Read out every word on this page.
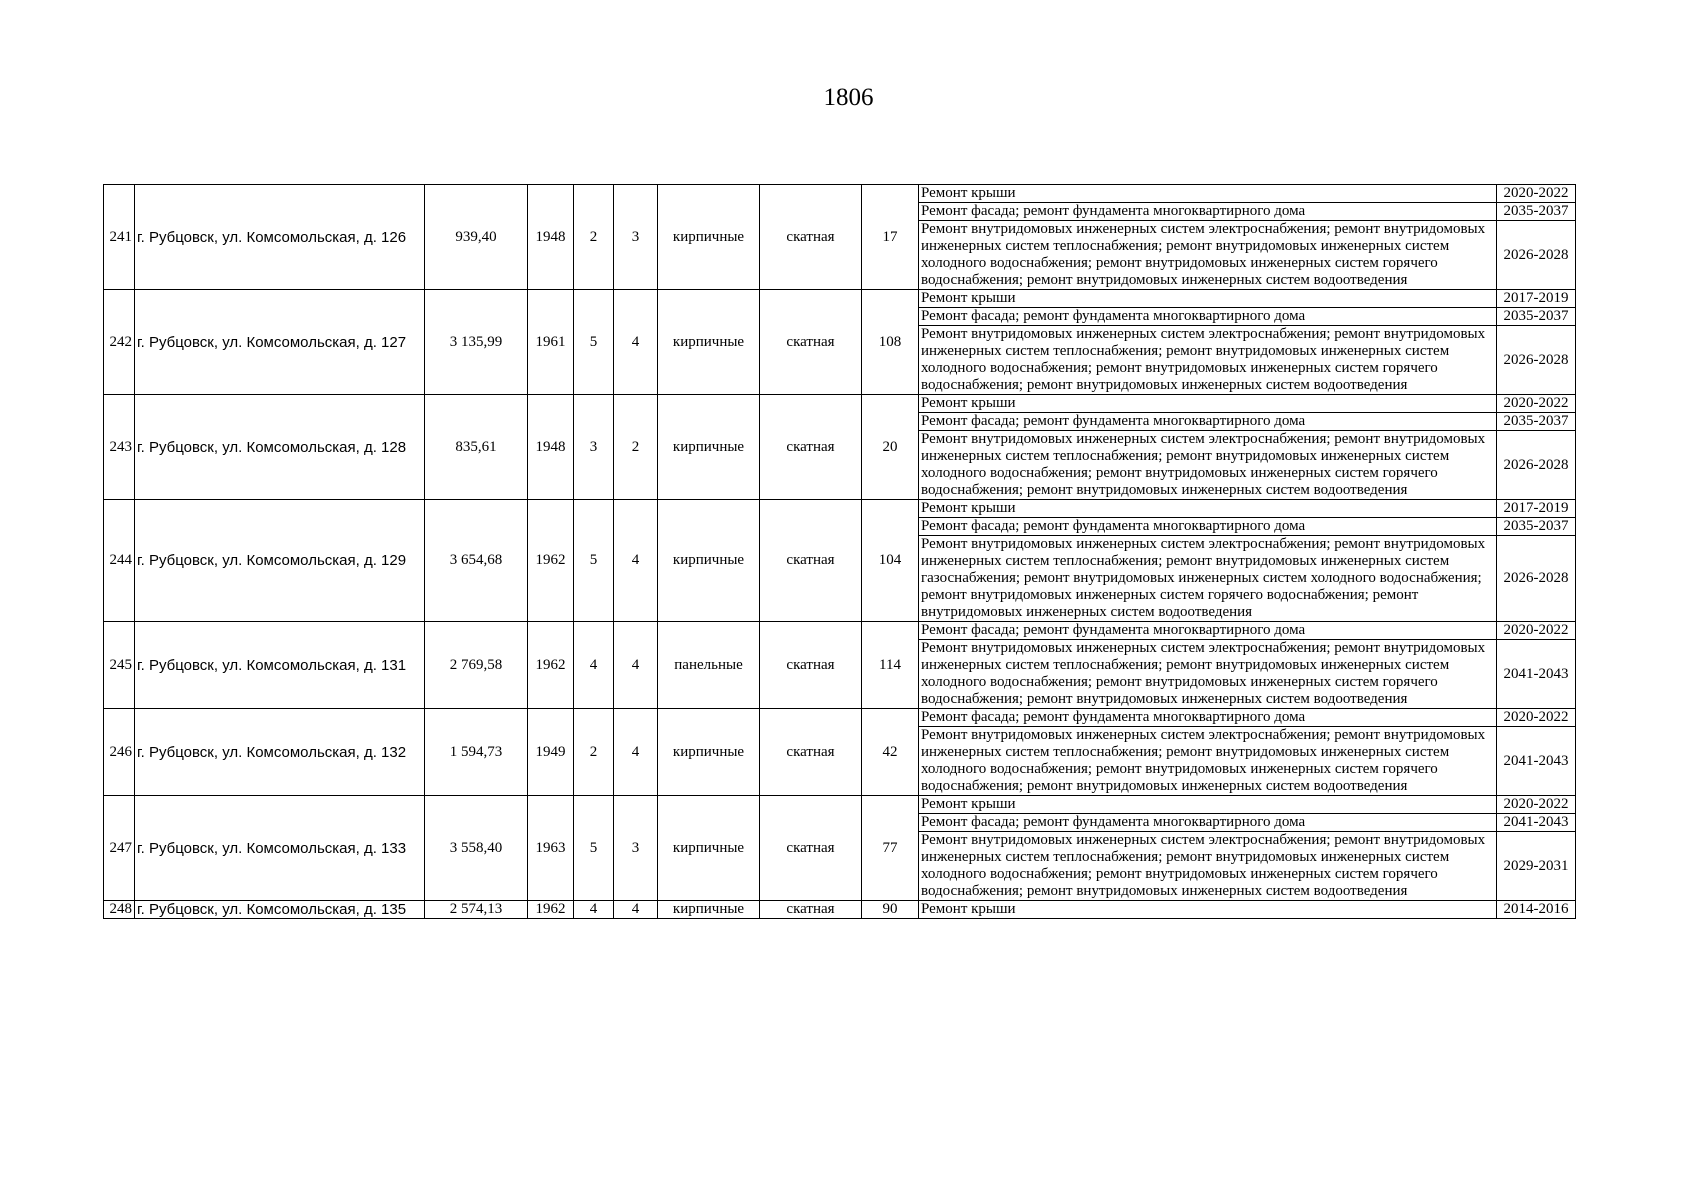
1806
241	г. Рубцовск, ул. Комсомольская, д. 126	939,40	1948	2	3	кирпичные	скатная	17	Ремонт крыши	2020-2022
									Ремонт фасада; ремонт фундамента многоквартирного дома	2035-2037
									Ремонт внутридомовых инженерных систем электроснабжения; ремонт внутридомовых инженерных систем теплоснабжения; ремонт внутридомовых инженерных систем холодного водоснабжения; ремонт внутридомовых инженерных систем горячего водоснабжения; ремонт внутридомовых инженерных систем водоотведения	2026-2028
242	г. Рубцовск, ул. Комсомольская, д. 127	3 135,99	1961	5	4	кирпичные	скатная	108	Ремонт крыши	2017-2019
									Ремонт фасада; ремонт фундамента многоквартирного дома	2035-2037
									Ремонт внутридомовых инженерных систем электроснабжения; ремонт внутридомовых инженерных систем теплоснабжения; ремонт внутридомовых инженерных систем холодного водоснабжения; ремонт внутридомовых инженерных систем горячего водоснабжения; ремонт внутридомовых инженерных систем водоотведения	2026-2028
243	г. Рубцовск, ул. Комсомольская, д. 128	835,61	1948	3	2	кирпичные	скатная	20	Ремонт крыши	2020-2022
									Ремонт фасада; ремонт фундамента многоквартирного дома	2035-2037
									Ремонт внутридомовых инженерных систем электроснабжения; ремонт внутридомовых инженерных систем теплоснабжения; ремонт внутридомовых инженерных систем холодного водоснабжения; ремонт внутридомовых инженерных систем горячего водоснабжения; ремонт внутридомовых инженерных систем водоотведения	2026-2028
244	г. Рубцовск, ул. Комсомольская, д. 129	3 654,68	1962	5	4	кирпичные	скатная	104	Ремонт крыши	2017-2019
									Ремонт фасада; ремонт фундамента многоквартирного дома	2035-2037
									Ремонт внутридомовых инженерных систем электроснабжения; ремонт внутридомовых инженерных систем теплоснабжения; ремонт внутридомовых инженерных систем газоснабжения; ремонт внутридомовых инженерных систем холодного водоснабжения; ремонт внутридомовых инженерных систем горячего водоснабжения; ремонт внутридомовых инженерных систем водоотведения	2026-2028
245	г. Рубцовск, ул. Комсомольская, д. 131	2 769,58	1962	4	4	панельные	скатная	114	Ремонт фасада; ремонт фундамента многоквартирного дома	2020-2022
									Ремонт внутридомовых инженерных систем электроснабжения; ремонт внутридомовых инженерных систем теплоснабжения; ремонт внутридомовых инженерных систем холодного водоснабжения; ремонт внутридомовых инженерных систем горячего водоснабжения; ремонт внутридомовых инженерных систем водоотведения	2041-2043
246	г. Рубцовск, ул. Комсомольская, д. 132	1 594,73	1949	2	4	кирпичные	скатная	42	Ремонт фасада; ремонт фундамента многоквартирного дома	2020-2022
									Ремонт внутридомовых инженерных систем электроснабжения; ремонт внутридомовых инженерных систем теплоснабжения; ремонт внутридомовых инженерных систем холодного водоснабжения; ремонт внутридомовых инженерных систем горячего водоснабжения; ремонт внутридомовых инженерных систем водоотведения	2041-2043
247	г. Рубцовск, ул. Комсомольская, д. 133	3 558,40	1963	5	3	кирпичные	скатная	77	Ремонт крыши	2020-2022
									Ремонт фасада; ремонт фундамента многоквартирного дома	2041-2043
									Ремонт внутридомовых инженерных систем электроснабжения; ремонт внутридомовых инженерных систем теплоснабжения; ремонт внутридомовых инженерных систем холодного водоснабжения; ремонт внутридомовых инженерных систем горячего водоснабжения; ремонт внутридомовых инженерных систем водоотведения	2029-2031
248	г. Рубцовск, ул. Комсомольская, д. 135	2 574,13	1962	4	4	кирпичные	скатная	90	Ремонт крыши	2014-2016
